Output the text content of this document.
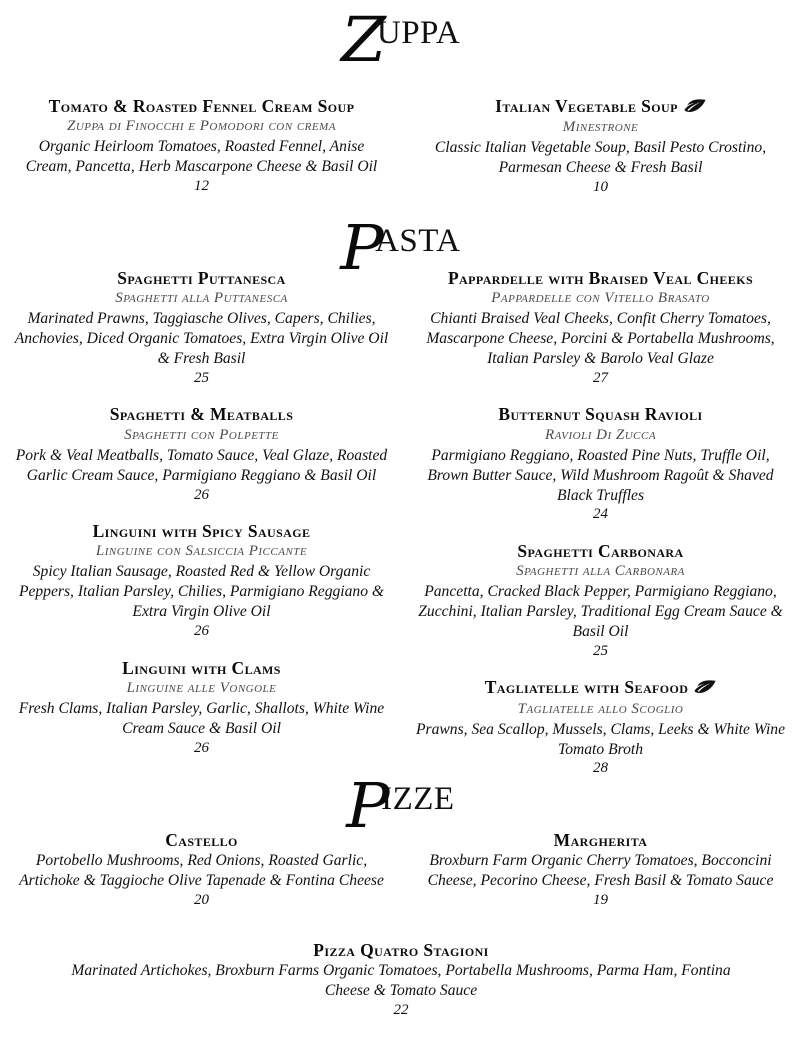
ZUPPA
Tomato & Roasted Fennel Cream Soup
Zuppa di Finocchi e Pomodori con crema
Organic Heirloom Tomatoes, Roasted Fennel, Anise Cream, Pancetta, Herb Mascarpone Cheese & Basil Oil
12
Italian Vegetable Soup
Minestrone
Classic Italian Vegetable Soup, Basil Pesto Crostino, Parmesan Cheese & Fresh Basil
10
PASTA
Spaghetti Puttanesca
Spaghetti alla Puttanesca
Marinated Prawns, Taggiasche Olives, Capers, Chilies, Anchovies, Diced Organic Tomatoes, Extra Virgin Olive Oil & Fresh Basil
25
Spaghetti & Meatballs
Spaghetti con Polpette
Pork & Veal Meatballs, Tomato Sauce, Veal Glaze, Roasted Garlic Cream Sauce, Parmigiano Reggiano & Basil Oil
26
Linguini with Spicy Sausage
Linguine con Salsiccia Piccante
Spicy Italian Sausage, Roasted Red & Yellow Organic Peppers, Italian Parsley, Chilies, Parmigiano Reggiano & Extra Virgin Olive Oil
26
Linguini with Clams
Linguine alle Vongole
Fresh Clams, Italian Parsley, Garlic, Shallots, White Wine Cream Sauce & Basil Oil
26
Pappardelle with Braised Veal Cheeks
Pappardelle con Vitello Brasato
Chianti Braised Veal Cheeks, Confit Cherry Tomatoes, Mascarpone Cheese, Porcini & Portabella Mushrooms, Italian Parsley & Barolo Veal Glaze
27
Butternut Squash Ravioli
Ravioli Di Zucca
Parmigiano Reggiano, Roasted Pine Nuts, Truffle Oil, Brown Butter Sauce, Wild Mushroom Ragoût & Shaved Black Truffles
24
Spaghetti Carbonara
Spaghetti alla Carbonara
Pancetta, Cracked Black Pepper, Parmigiano Reggiano, Zucchini, Italian Parsley, Traditional Egg Cream Sauce & Basil Oil
25
Tagliatelle with Seafood
Tagliatelle allo Scoglio
Prawns, Sea Scallop, Mussels, Clams, Leeks & White Wine Tomato Broth
28
PIZZE
Castello
Portobello Mushrooms, Red Onions, Roasted Garlic, Artichoke & Taggioche Olive Tapenade & Fontina Cheese
20
Margherita
Broxburn Farm Organic Cherry Tomatoes, Bocconcini Cheese, Pecorino Cheese, Fresh Basil & Tomato Sauce
19
Pizza Quatro Stagioni
Marinated Artichokes, Broxburn Farms Organic Tomatoes, Portabella Mushrooms, Parma Ham, Fontina Cheese & Tomato Sauce
22
